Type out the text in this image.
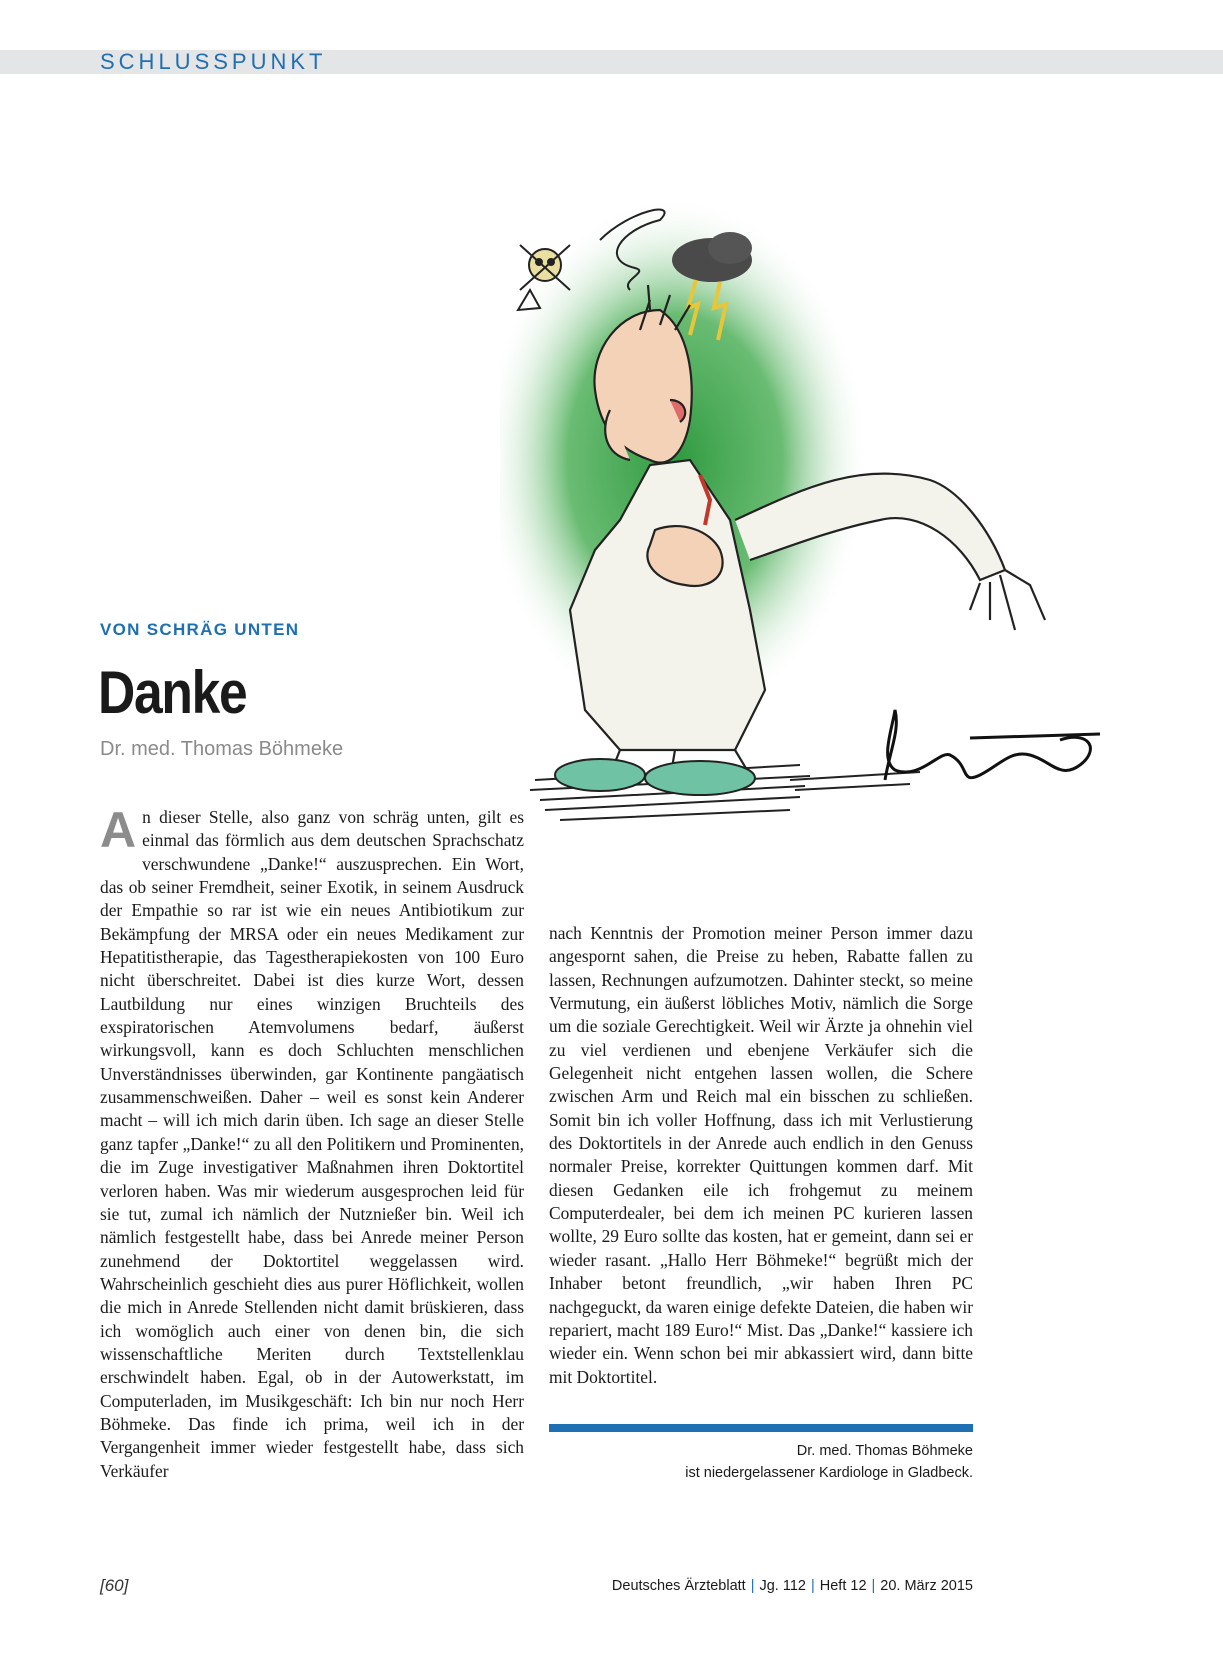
SCHLUSSPUNKT
VON SCHRÄG UNTEN
Danke
Dr. med. Thomas Böhmeke
A n dieser Stelle, also ganz von schräg unten, gilt es einmal das förmlich aus dem deutschen Sprachschatz verschwundene „Danke!“ auszusprechen. Ein Wort, das ob seiner Fremdheit, seiner Exotik, in seinem Ausdruck der Empathie so rar ist wie ein neues Antibiotikum zur Bekämpfung der MRSA oder ein neues Medikament zur Hepatitistherapie, das Tagestherapiekosten von 100 Euro nicht überschreitet. Dabei ist dies kurze Wort, dessen Lautbildung nur eines winzigen Bruchteils des exspiratorischen Atemvolumens bedarf, äußerst wirkungsvoll, kann es doch Schluchten menschlichen Unverständnisses überwinden, gar Kontinente pangäatisch zusammenschweißen. Daher – weil es sonst kein Anderer macht – will ich mich darin üben. Ich sage an dieser Stelle ganz tapfer „Danke!“ zu all den Politikern und Prominenten, die im Zuge investigativer Maßnahmen ihren Doktortitel verloren haben. Was mir wiederum ausgesprochen leid für sie tut, zumal ich nämlich der Nutznießer bin. Weil ich nämlich festgestellt habe, dass bei Anrede meiner Person zunehmend der Doktortitel weggelassen wird. Wahrscheinlich geschieht dies aus purer Höflichkeit, wollen die mich in Anrede Stellenden nicht damit brüskieren, dass ich womöglich auch einer von denen bin, die sich wissenschaftliche Meriten durch Textstellenklau erschwindelt haben. Egal, ob in der Autowerkstatt, im Computerladen, im Musikgeschäft: Ich bin nur noch Herr Böhmeke. Das finde ich prima, weil ich in der Vergangenheit immer wieder festgestellt habe, dass sich Verkäufer
nach Kenntnis der Promotion meiner Person immer dazu angespornt sahen, die Preise zu heben, Rabatte fallen zu lassen, Rechnungen aufzumotzen. Dahinter steckt, so meine Vermutung, ein äußerst löbliches Motiv, nämlich die Sorge um die soziale Gerechtigkeit. Weil wir Ärzte ja ohnehin viel zu viel verdienen und ebenjene Verkäufer sich die Gelegenheit nicht entgehen lassen wollen, die Schere zwischen Arm und Reich mal ein bisschen zu schließen. Somit bin ich voller Hoffnung, dass ich mit Verlustierung des Doktortitels in der Anrede auch endlich in den Genuss normaler Preise, korrekter Quittungen kommen darf. Mit diesen Gedanken eile ich frohgemut zu meinem Computerdealer, bei dem ich meinen PC kurieren lassen wollte, 29 Euro sollte das kosten, hat er gemeint, dann sei er wieder rasant. „Hallo Herr Böhmeke!“ begrüßt mich der Inhaber betont freundlich, „wir haben Ihren PC nachgeguckt, da waren einige defekte Dateien, die haben wir repariert, macht 189 Euro!“ Mist. Das „Danke!“ kassiere ich wieder ein. Wenn schon bei mir abkassiert wird, dann bitte mit Doktortitel.
Dr. med. Thomas Böhmeke
ist niedergelassener Kardiologe in Gladbeck.
[60]	Deutsches Ärzteblatt | Jg. 112 | Heft 12 | 20. März 2015
